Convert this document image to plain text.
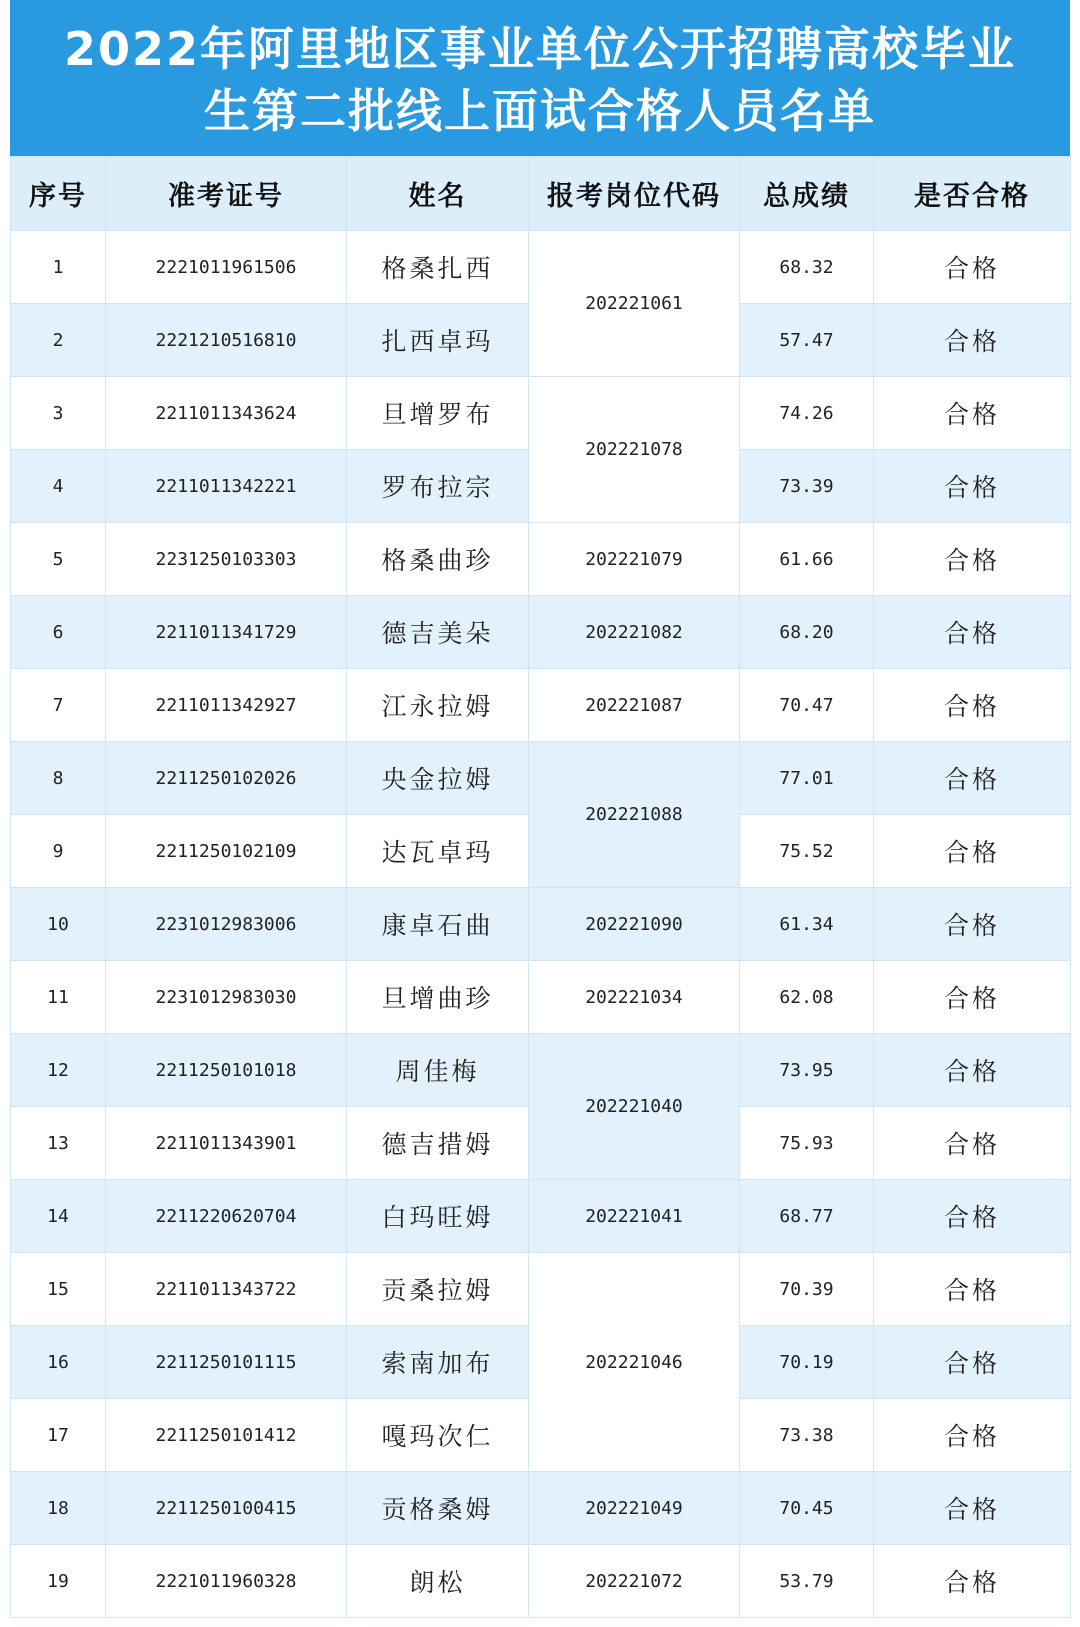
2022年阿里地区事业单位公开招聘高校毕业
生第二批线上面试合格人员名单
序号	准考证号	姓名	报考岗位代码	总成绩	是否合格
1	2221011961506	格桑扎西	202221061	68.32	合格
2	2221210516810	扎西卓玛		57.47	合格
3	2211011343624	旦增罗布	202221078	74.26	合格
4	2211011342221	罗布拉宗		73.39	合格
5	2231250103303	格桑曲珍	202221079	61.66	合格
6	2211011341729	德吉美朵	202221082	68.20	合格
7	2211011342927	江永拉姆	202221087	70.47	合格
8	2211250102026	央金拉姆	202221088	77.01	合格
9	2211250102109	达瓦卓玛		75.52	合格
10	2231012983006	康卓石曲	202221090	61.34	合格
11	2231012983030	旦增曲珍	202221034	62.08	合格
12	2211250101018	周佳梅	202221040	73.95	合格
13	2211011343901	德吉措姆		75.93	合格
14	2211220620704	白玛旺姆	202221041	68.77	合格
15	2211011343722	贡桑拉姆	202221046	70.39	合格
16	2211250101115	索南加布		70.19	合格
17	2211250101412	嘎玛次仁		73.38	合格
18	2211250100415	贡格桑姆	202221049	70.45	合格
19	2221011960328	朗松	202221072	53.79	合格
